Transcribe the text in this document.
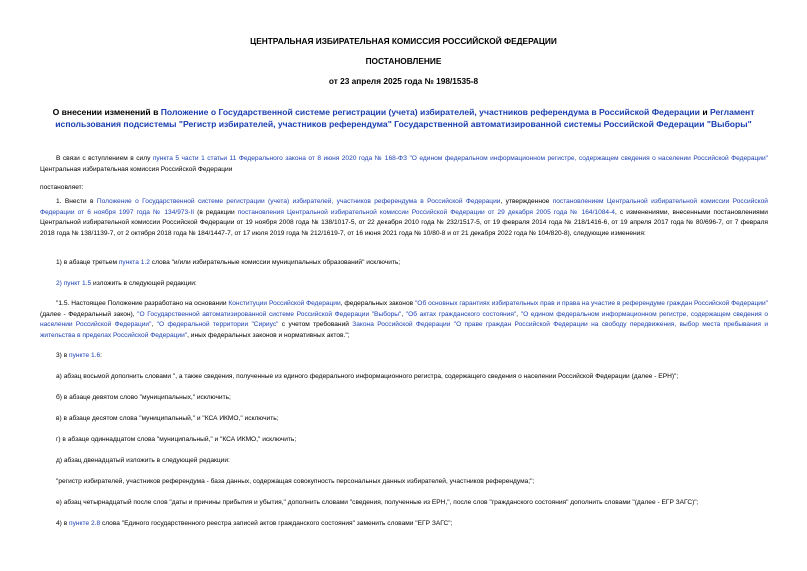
ЦЕНТРАЛЬНАЯ ИЗБИРАТЕЛЬНАЯ КОМИССИЯ РОССИЙСКОЙ ФЕДЕРАЦИИ
ПОСТАНОВЛЕНИЕ
от 23 апреля 2025 года № 198/1535-8
О внесении изменений в Положение о Государственной системе регистрации (учета) избирателей, участников референдума в Российской Федерации и Регламент использования подсистемы "Регистр избирателей, участников референдума" Государственной автоматизированной системы Российской Федерации "Выборы"
В связи с вступлением в силу пункта 5 части 1 статьи 11 Федерального закона от 8 июня 2020 года № 168-ФЗ "О едином федеральном информационном регистре, содержащем сведения о населении Российской Федерации" Центральная избирательная комиссия Российской Федерации
постановляет:
1. Внести в Положение о Государственной системе регистрации (учета) избирателей, участников референдума в Российской Федерации, утвержденное постановлением Центральной избирательной комиссии Российской Федерации от 6 ноября 1997 года № 134/973-II (в редакции постановления Центральной избирательной комиссии Российской Федерации от 29 декабря 2005 года № 164/1084-4, с изменениями, внесенными постановлениями Центральной избирательной комиссии Российской Федерации от 19 ноября 2008 года № 138/1017-5, от 22 декабря 2010 года № 232/1517-5, от 19 февраля 2014 года № 218/1416-6, от 19 апреля 2017 года № 80/696-7, от 7 февраля 2018 года № 138/1139-7, от 2 октября 2018 года № 184/1447-7, от 17 июля 2019 года № 212/1619-7, от 16 июня 2021 года № 10/80-8 и от 21 декабря 2022 года № 104/820-8), следующие изменения:
1) в абзаце третьем пункта 1.2 слова "и/или избирательные комиссии муниципальных образований" исключить;
2) пункт 1.5 изложить в следующей редакции:
"1.5. Настоящее Положение разработано на основании Конституции Российской Федерации, федеральных законов "Об основных гарантиях избирательных прав и права на участие в референдуме граждан Российской Федерации" (далее - Федеральный закон), "О Государственной автоматизированной системе Российской Федерации "Выборы", "Об актах гражданского состояния", "О едином федеральном информационном регистре, содержащем сведения о населении Российской Федерации", "О федеральной территории "Сириус" с учетом требований Закона Российской Федерации "О праве граждан Российской Федерации на свободу передвижения, выбор места пребывания и жительства в пределах Российской Федерации", иных федеральных законов и нормативных актов.";
3) в пункте 1.6:
а) абзац восьмой дополнить словами ", а также сведения, полученные из единого федерального информационного регистра, содержащего сведения о населении Российской Федерации (далее - ЕРН)";
б) в абзаце девятом слово "муниципальных," исключить;
в) в абзаце десятом слова "муниципальный," и "КСА ИКМО," исключить;
г) в абзаце одиннадцатом слова "муниципальный," и "КСА ИКМО," исключить;
д) абзац двенадцатый изложить в следующей редакции:
"регистр избирателей, участников референдума - база данных, содержащая совокупность персональных данных избирателей, участников референдума;";
е) абзац четырнадцатый после слов "даты и причины прибытия и убытия," дополнить словами "сведения, полученные из ЕРН,", после слов "гражданского состояния" дополнить словами "(далее - ЕГР ЗАГС)";
4) в пункте 2.8 слова "Единого государственного реестра записей актов гражданского состояния" заменить словами "ЕГР ЗАГС";
